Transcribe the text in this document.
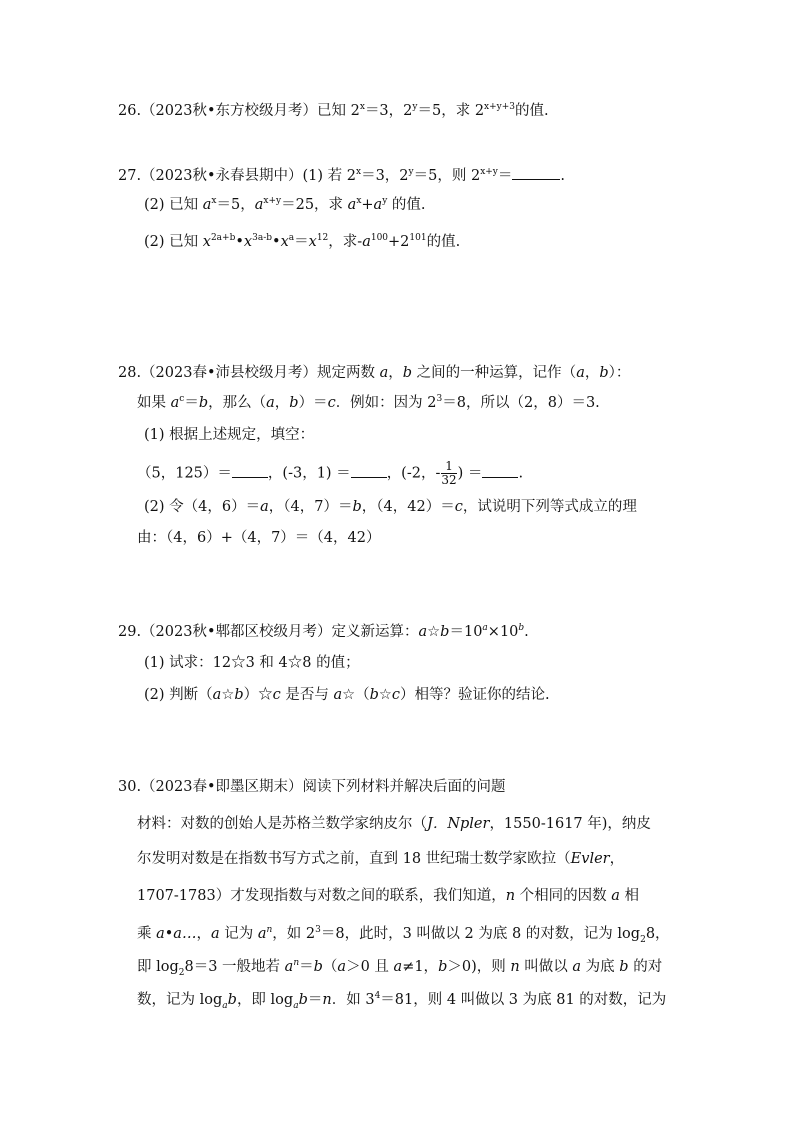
26.（2023秋•东方校级月考）已知 $2^x=3$，$2^y=5$，求 $2^{x+y+3}$的值.
27.（2023秋•永春县期中）(1) 若 $2^x=3$，$2^y=5$，则 $2^{x+y}=$	.
(2) 已知 $a^x=5$，$a^{x+y}=25$，求 $a^x+a^y$ 的值.
(2) 已知 $x^{2a+b}•x^{3a-b}•x^a=x^{12}$，求$-a^{100}+2^{101}$的值.
28.（2023春•沛县校级月考）规定两数 a，b 之间的一种运算，记作（a，b）：
如果 $a^c=b$，那么（a，b）＝c．例如：因为 $2^3=8$，所以（2，8）＝3.
(1) 根据上述规定，填空：
（5，125）＝ ，(-3，1) ＝ ，(-2，- $\frac{1}{32}$ ) ＝ .
(2) 令（4，6）＝a，（4，7）＝b，（4，42）＝c，试说明下列等式成立的理
由：（4，6）+（4，7）＝（4，42）
29.（2023秋•郫都区校级月考）定义新运算：$a☆b=10^a\times 10^b$.
(1) 试求：12☆3 和 4☆8 的值；
(2) 判断（a☆b）☆c 是否与 a☆（b☆c）相等？验证你的结论.
30.（2023春•即墨区期末）阅读下列材料并解决后面的问题
材料：对数的创始人是苏格兰数学家纳皮尔（J．Npler，1550-1617 年)，纳皮
尔发明对数是在指数书写方式之前，直到 18 世纪瑞士数学家欧拉（Evler，
1707-1783）才发现指数与对数之间的联系，我们知道，n 个相同的因数 a 相
乘 a•a…，a 记为 $a^n$，如 $2^3=8$，此时，3 叫做以 2 为底 8 的对数，记为 $\log_28$，
即 $\log_28=3$ 一般地若 $a^n=b(a>0$ 且 a≠1，b＞0)，则 n 叫做以 a 为底 b 的对
数，记为 $\log_ab$，即 $\log_ab=n$．如 $3^4=81$，则 4 叫做以 3 为底 81 的对数，记为
